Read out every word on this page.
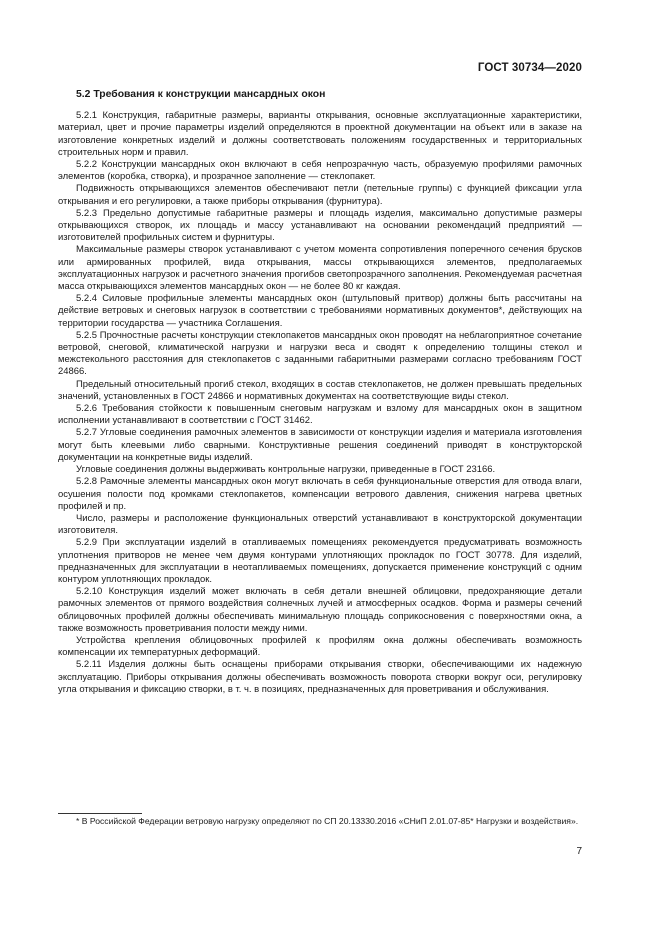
ГОСТ 30734—2020
5.2 Требования к конструкции мансардных окон

5.2.1 Конструкция, габаритные размеры, варианты открывания, основные эксплуатационные характеристики, материал, цвет и прочие параметры изделий определяются в проектной документации на объект или в заказе на изготовление конкретных изделий и должны соответствовать положениям государственных и территориальных строительных норм и правил.

5.2.2 Конструкции мансардных окон включают в себя непрозрачную часть, образуемую профилями рамочных элементов (коробка, створка), и прозрачное заполнение — стеклопакет.

Подвижность открывающихся элементов обеспечивают петли (петельные группы) с функцией фиксации угла открывания и его регулировки, а также приборы открывания (фурнитура).

5.2.3 Предельно допустимые габаритные размеры и площадь изделия, максимально допустимые размеры открывающихся створок, их площадь и массу устанавливают на основании рекомендаций предприятий — изготовителей профильных систем и фурнитуры.

Максимальные размеры створок устанавливают с учетом момента сопротивления поперечного сечения брусков или армированных профилей, вида открывания, массы открывающихся элементов, предполагаемых эксплуатационных нагрузок и расчетного значения прогибов светопрозрачного заполнения. Рекомендуемая расчетная масса открывающихся элементов мансардных окон — не более 80 кг каждая.

5.2.4 Силовые профильные элементы мансардных окон (штульповый притвор) должны быть рассчитаны на действие ветровых и снеговых нагрузок в соответствии с требованиями нормативных документов*, действующих на территории государства — участника Соглашения.

5.2.5 Прочностные расчеты конструкции стеклопакетов мансардных окон проводят на неблагоприятное сочетание ветровой, снеговой, климатической нагрузки и нагрузки веса и сводят к определению толщины стекол и межстекольного расстояния для стеклопакетов с заданными габаритными размерами согласно требованиям ГОСТ 24866.

Предельный относительный прогиб стекол, входящих в состав стеклопакетов, не должен превышать предельных значений, установленных в ГОСТ 24866 и нормативных документах на соответствующие виды стекол.

5.2.6 Требования стойкости к повышенным снеговым нагрузкам и взлому для мансардных окон в защитном исполнении устанавливают в соответствии с ГОСТ 31462.

5.2.7 Угловые соединения рамочных элементов в зависимости от конструкции изделия и материала изготовления могут быть клеевыми либо сварными. Конструктивные решения соединений приводят в конструкторской документации на конкретные виды изделий.

Угловые соединения должны выдерживать контрольные нагрузки, приведенные в ГОСТ 23166.

5.2.8 Рамочные элементы мансардных окон могут включать в себя функциональные отверстия для отвода влаги, осушения полости под кромками стеклопакетов, компенсации ветрового давления, снижения нагрева цветных профилей и пр.

Число, размеры и расположение функциональных отверстий устанавливают в конструкторской документации изготовителя.

5.2.9 При эксплуатации изделий в отапливаемых помещениях рекомендуется предусматривать возможность уплотнения притворов не менее чем двумя контурами уплотняющих прокладок по ГОСТ 30778. Для изделий, предназначенных для эксплуатации в неотапливаемых помещениях, допускается применение конструкций с одним контуром уплотняющих прокладок.

5.2.10 Конструкция изделий может включать в себя детали внешней облицовки, предохраняющие детали рамочных элементов от прямого воздействия солнечных лучей и атмосферных осадков. Форма и размеры сечений облицовочных профилей должны обеспечивать минимальную площадь соприкосновения с поверхностями окна, а также возможность проветривания полости между ними.

Устройства крепления облицовочных профилей к профилям окна должны обеспечивать возможность компенсации их температурных деформаций.

5.2.11 Изделия должны быть оснащены приборами открывания створки, обеспечивающими их надежную эксплуатацию. Приборы открывания должны обеспечивать возможность поворота створки вокруг оси, регулировку угла открывания и фиксацию створки, в т. ч. в позициях, предназначенных для проветривания и обслуживания.

* В Российской Федерации ветровую нагрузку определяют по СП 20.13330.2016 «СНиП 2.01.07-85* Нагрузки и воздействия».
7
